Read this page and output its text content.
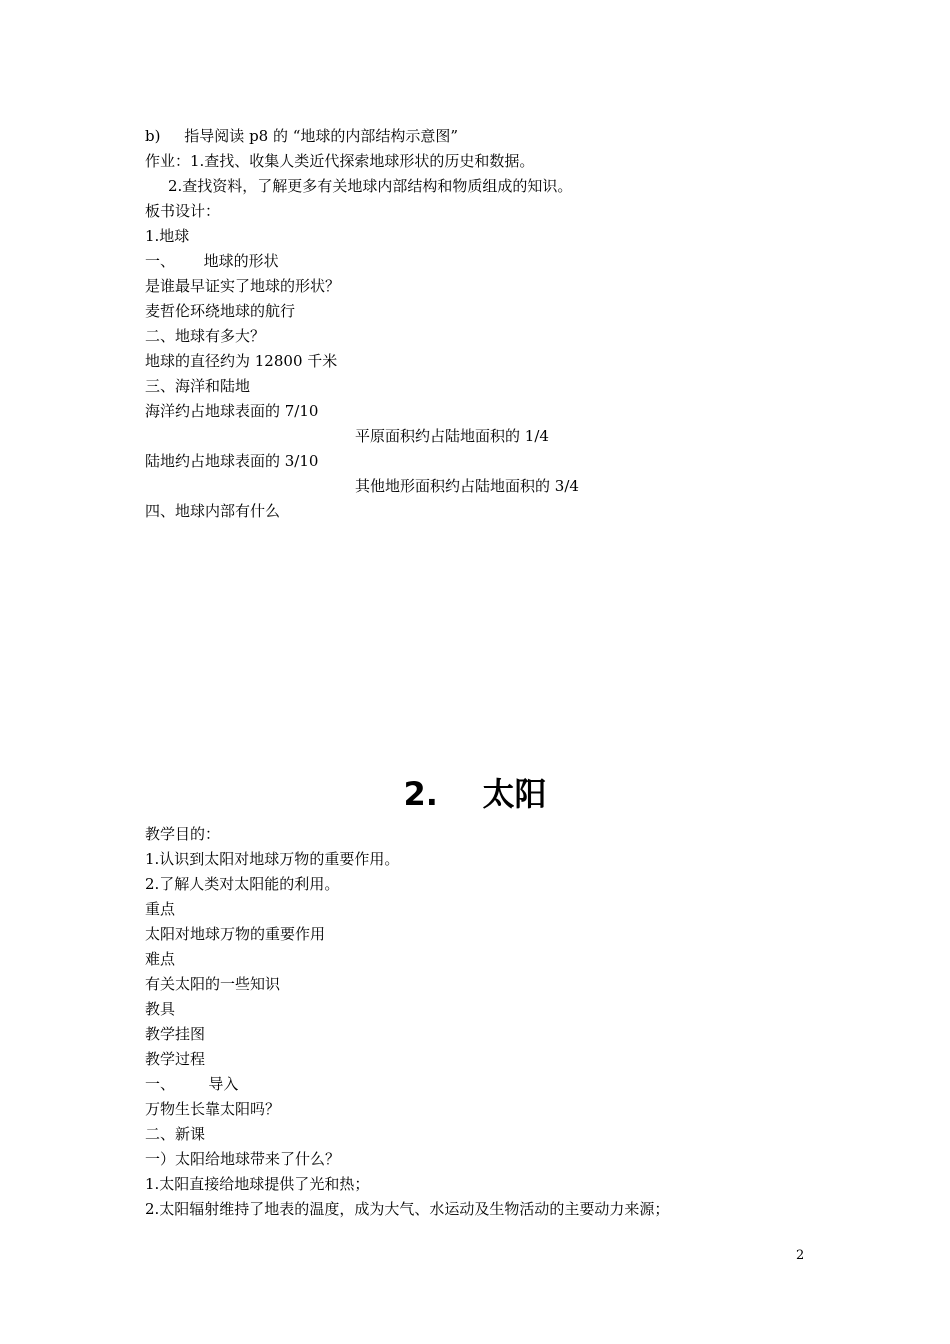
b)     指导阅读 p8 的 “地球的内部结构示意图”
作业：1.查找、收集人类近代探索地球形状的历史和数据。
2.查找资料，了解更多有关地球内部结构和物质组成的知识。
板书设计：
1.地球
一、      地球的形状
是谁最早证实了地球的形状？
麦哲伦环绕地球的航行
二、地球有多大？
地球的直径约为 12800 千米
三、海洋和陆地
海洋约占地球表面的 7/10
平原面积约占陆地面积的 1/4
陆地约占地球表面的 3/10
其他地形面积约占陆地面积的 3/4
四、地球内部有什么
2.    太阳
教学目的：
1.认识到太阳对地球万物的重要作用。
2.了解人类对太阳能的利用。
重点
太阳对地球万物的重要作用
难点
有关太阳的一些知识
教具
教学挂图
教学过程
一、       导入
万物生长靠太阳吗？
二、新课
一）太阳给地球带来了什么？
1.太阳直接给地球提供了光和热；
2.太阳辐射维持了地表的温度，成为大气、水运动及生物活动的主要动力来源；
2
